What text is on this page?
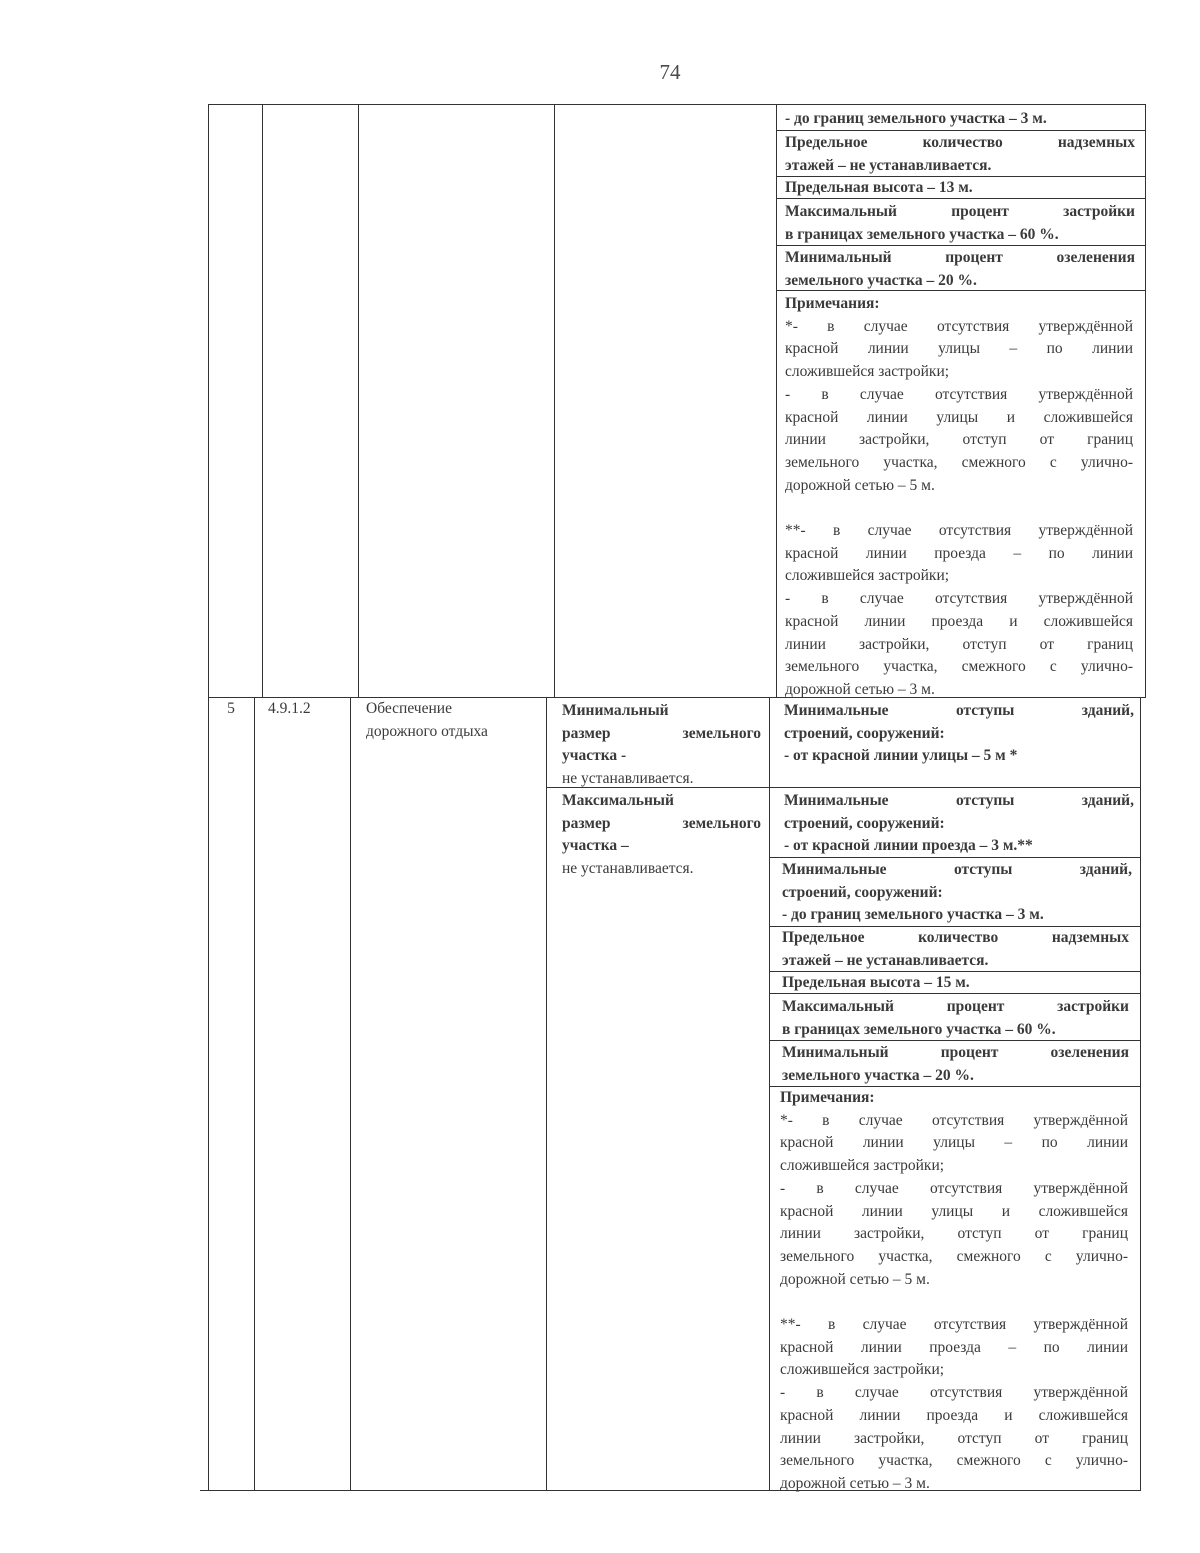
74
- до границ земельного участка – 3 м.
Предельное количество надземных
этажей – не устанавливается.
Предельная высота – 13 м.
Максимальный процент застройки
в границах земельного участка – 60 %.
Минимальный процент озеленения
земельного участка – 20 %.
Примечания:
*- в случае отсутствия утверждённой
красной линии улицы – по линии
сложившейся застройки;
- в случае отсутствия утверждённой
красной линии улицы и сложившейся
линии застройки, отступ от границ
земельного участка, смежного с улично-
дорожной сетью – 5 м.
**- в случае отсутствия утверждённой
красной линии проезда – по линии
сложившейся застройки;
- в случае отсутствия утверждённой
красной линии проезда и сложившейся
линии застройки, отступ от границ
земельного участка, смежного с улично-
дорожной сетью – 3 м.
5	4.9.1.2	Обеспечение
дорожного отдыха
Минимальный
размер земельного
участка -
не устанавливается.
Максимальный
размер земельного
участка –
не устанавливается.
Минимальные отступы зданий,
строений, сооружений:
- от красной линии улицы – 5 м *
Минимальные отступы зданий,
строений, сооружений:
- от красной линии проезда – 3 м.**
Минимальные отступы зданий,
строений, сооружений:
- до границ земельного участка – 3 м.
Предельное количество надземных
этажей – не устанавливается.
Предельная высота – 15 м.
Максимальный процент застройки
в границах земельного участка – 60 %.
Минимальный процент озеленения
земельного участка – 20 %.
Примечания:
*- в случае отсутствия утверждённой
красной линии улицы – по линии
сложившейся застройки;
- в случае отсутствия утверждённой
красной линии улицы и сложившейся
линии застройки, отступ от границ
земельного участка, смежного с улично-
дорожной сетью – 5 м.
**- в случае отсутствия утверждённой
красной линии проезда – по линии
сложившейся застройки;
- в случае отсутствия утверждённой
красной линии проезда и сложившейся
линии застройки, отступ от границ
земельного участка, смежного с улично-
дорожной сетью – 3 м.
